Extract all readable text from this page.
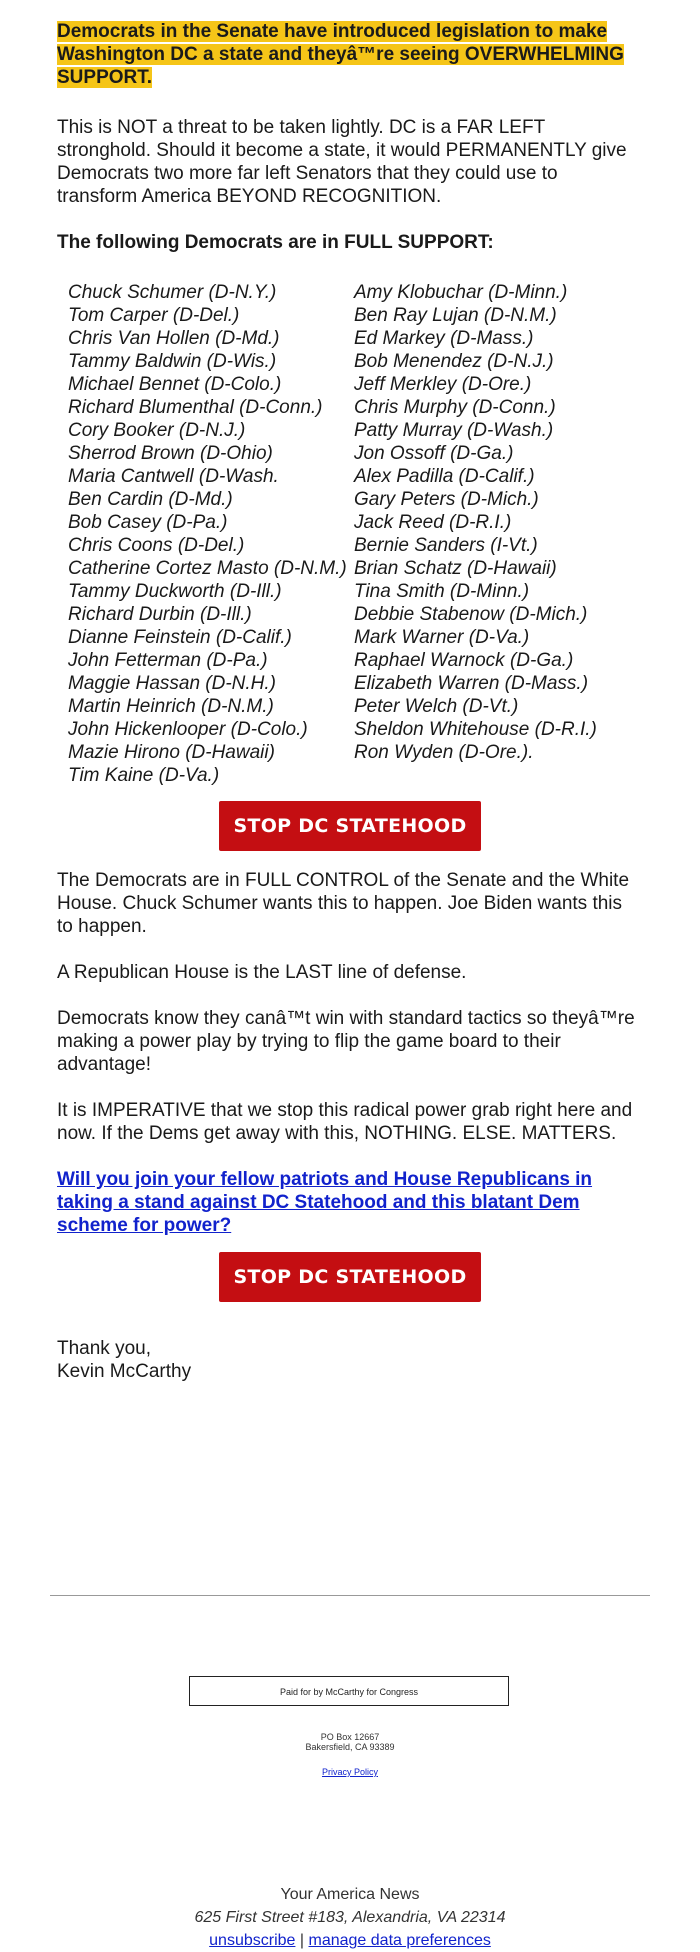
Democrats in the Senate have introduced legislation to make Washington DC a state and theyâ™re seeing OVERWHELMING SUPPORT.

This is NOT a threat to be taken lightly. DC is a FAR LEFT stronghold. Should it become a state, it would PERMANENTLY give Democrats two more far left Senators that they could use to transform America BEYOND RECOGNITION.

The following Democrats are in FULL SUPPORT:

Chuck Schumer (D-N.Y.)
Tom Carper (D-Del.)
Chris Van Hollen (D-Md.)
Tammy Baldwin (D-Wis.)
Michael Bennet (D-Colo.)
Richard Blumenthal (D-Conn.)
Cory Booker (D-N.J.)
Sherrod Brown (D-Ohio)
Maria Cantwell (D-Wash.
Ben Cardin (D-Md.)
Bob Casey (D-Pa.)
Chris Coons (D-Del.)
Catherine Cortez Masto (D-N.M.)
Tammy Duckworth (D-Ill.)
Richard Durbin (D-Ill.)
Dianne Feinstein (D-Calif.)
John Fetterman (D-Pa.)
Maggie Hassan (D-N.H.)
Martin Heinrich (D-N.M.)
John Hickenlooper (D-Colo.)
Mazie Hirono (D-Hawaii)
Tim Kaine (D-Va.)
Amy Klobuchar (D-Minn.)
Ben Ray Lujan (D-N.M.)
Ed Markey (D-Mass.)
Bob Menendez (D-N.J.)
Jeff Merkley (D-Ore.)
Chris Murphy (D-Conn.)
Patty Murray (D-Wash.)
Jon Ossoff (D-Ga.)
Alex Padilla (D-Calif.)
Gary Peters (D-Mich.)
Jack Reed (D-R.I.)
Bernie Sanders (I-Vt.)
Brian Schatz (D-Hawaii)
Tina Smith (D-Minn.)
Debbie Stabenow (D-Mich.)
Mark Warner (D-Va.)
Raphael Warnock (D-Ga.)
Elizabeth Warren (D-Mass.)
Peter Welch (D-Vt.)
Sheldon Whitehouse (D-R.I.)
Ron Wyden (D-Ore.).
STOP DC STATEHOOD

The Democrats are in FULL CONTROL of the Senate and the White House. Chuck Schumer wants this to happen. Joe Biden wants this to happen.

A Republican House is the LAST line of defense.

Democrats know they canâ™t win with standard tactics so theyâ™re making a power play by trying to flip the game board to their advantage!

It is IMPERATIVE that we stop this radical power grab right here and now. If the Dems get away with this, NOTHING. ELSE. MATTERS.

Will you join your fellow patriots and House Republicans in taking a stand against DC Statehood and this blatant Dem scheme for power?

STOP DC STATEHOOD

Thank you,

Kevin McCarthy

Paid for by McCarthy for Congress
PO Box 12667
Bakersfield, CA 93389
Privacy Policy
Your America News
625 First Street #183, Alexandria, VA 22314
unsubscribe | manage data preferences
